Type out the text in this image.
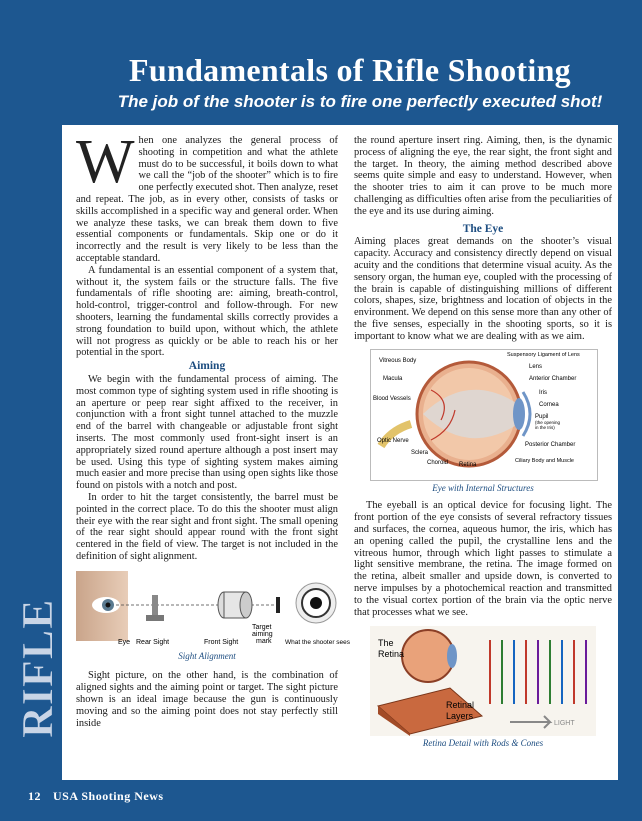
Fundamentals of Rifle Shooting
The job of the shooter is to fire one perfectly executed shot!

When one analyzes the general process of shooting in competition and what the athlete must do to be successful, it boils down to what we call the “job of the shooter” which is to fire one perfectly executed shot. Then analyze, reset and repeat. The job, as in every other, consists of tasks or skills accomplished in a specific way and general order. When we analyze these tasks, we can break them down to five essential components or fundamentals. Skip one or do it incorrectly and the result is very likely to be less than the acceptable standard.

A fundamental is an essential component of a system that, without it, the system fails or the structure falls. The five fundamentals of rifle shooting are: aiming, breath-control, hold-control, trigger-control and follow-through. For new shooters, learning the fundamental skills correctly provides a strong foundation to build upon, without which, the athlete will not progress as quickly or be able to reach his or her potential in the sport.

Aiming

We begin with the fundamental process of aiming. The most common type of sighting system used in rifle shooting is an aperture or peep rear sight affixed to the receiver, in conjunction with a front sight tunnel attached to the muzzle end of the barrel with changeable or adjustable front sight inserts. The most commonly used front-sight insert is an appropriately sized round aperture although a post insert may be used. Using this type of sighting system makes aiming much easier and more precise than using open sights like those found on pistols with a notch and post.

In order to hit the target consistently, the barrel must be pointed in the correct place. To do this the shooter must align their eye with the rear sight and front sight. The small opening of the rear sight should appear round with the front sight centered in the field of view. The target is not included in the definition of sight alignment.

Eye Rear Sight	Front Sight
Target
aiming
mark What the shooter sees
Sight Alignment

Sight picture, on the other hand, is the combination of aligned sights and the aiming point or target. The sight picture shown is an ideal image because the gun is continuously moving and so the aiming point does not stay perfectly still inside

the round aperture insert ring. Aiming, then, is the dynamic process of aligning the eye, the rear sight, the front sight and the target. In theory, the aiming method described above seems quite simple and easy to understand. However, when the shooter tries to aim it can prove to be much more challenging as difficulties often arise from the peculiarities of the eye and its use during aiming.

The Eye

Aiming places great demands on the shooter’s visual capacity. Accuracy and consistency directly depend on visual acuity and the conditions that determine visual acuity. As the sensory organ, the human eye, coupled with the processing of the brain is capable of distinguishing millions of different colors, shapes, size, brightness and location of objects in the environment. We depend on this sense more than any other of the five senses, especially in the shooting sports, so it is important to know what we are dealing with as we aim.

Vitreous Body
Macula
Blood Vessels
Optic Nerve
Sclera
Choroid Retina
Suspensory Ligament of Lens
Lens
Anterior Chamber
Iris
Cornea
Pupil
(the opening
in the Iris)
Posterior Chamber
Ciliary Body and Muscle
Eye with Internal Structures

The eyeball is an optical device for focusing light. The front portion of the eye consists of several refractory tissues and surfaces, the cornea, aqueous humor, the iris, which has an opening called the pupil, the crystalline lens and the vitreous humor, through which light passes to stimulate a light sensitive membrane, the retina. The image formed on the retina, albeit smaller and upside down, is converted to nerve impulses by a photochemical reaction and transmitted to the visual cortex portion of the brain via the optic nerve that processes what we see.

The
Retina
Retinal
Layers
LIGHT
Retina Detail with Rods & Cones
RIFLE
12 USA Shooting News
